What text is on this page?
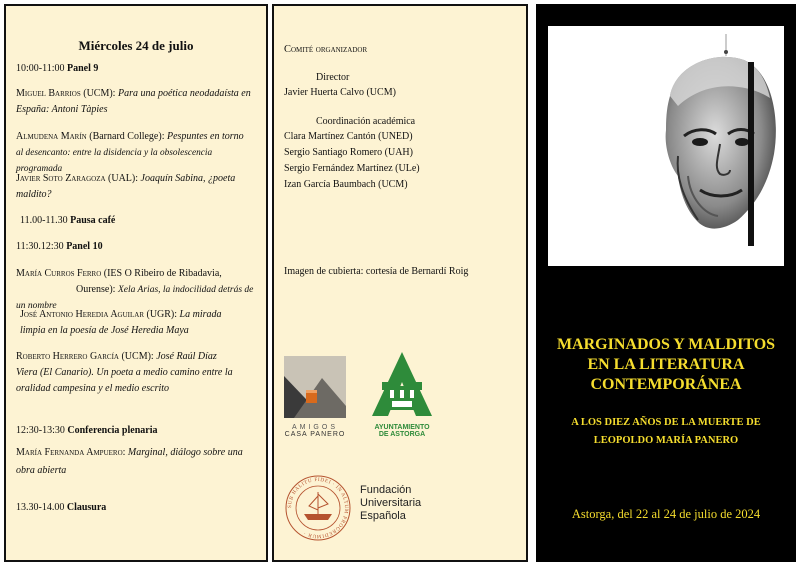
Miércoles 24 de julio
10:00-11:00 Panel 9
Miguel Barrios (UCM): Para una poética neodadaísta en
España: Antoni Tàpies
Almudena Marín (Barnard College): Pespuntes en torno
al desencanto: entre la disidencia y la obsolescencia programada
Javier Soto Zaragoza (UAL): Joaquín Sabina, ¿poeta
maldito?
11.00-11.30 Pausa café
11:30.12:30 Panel 10
María Curros Ferro (IES O Ribeiro de Ribadavia,
Ourense): Xela Arias, la indocilidad detrás de un nombre
José Antonio Heredia Aguilar (UGR): La mirada
limpia en la poesía de José Heredia Maya
Roberto Herrero García (UCM): José Raúl Díaz
Viera (El Canario). Un poeta a medio camino entre la
oralidad campesina y el medio escrito
12:30-13:30 Conferencia plenaria
María Fernanda Ampuero: Marginal, diálogo sobre una
obra abierta
13.30-14.00 Clausura
Comité organizador
Director
Javier Huerta Calvo (UCM)
Coordinación académica
Clara Martínez Cantón (UNED)
Sergio Santiago Romero (UAH)
Sergio Fernández Martínez (ULe)
Izan García Baumbach (UCM)
Imagen de cubierta: cortesía de Bernardí Roig
AMIGOS
CASA PANERO
AYUNTAMIENTO
DE ASTORGA
SUB HALITU FIDEI · IN ALTUM PROGREDIMUR ·
Fundación
Universitaria
Española
MARGINADOS Y MALDITOS
EN LA LITERATURA
CONTEMPORÁNEA
A LOS DIEZ AÑOS DE LA MUERTE DE
LEOPOLDO MARÍA PANERO
Astorga, del 22 al 24 de julio de 2024
